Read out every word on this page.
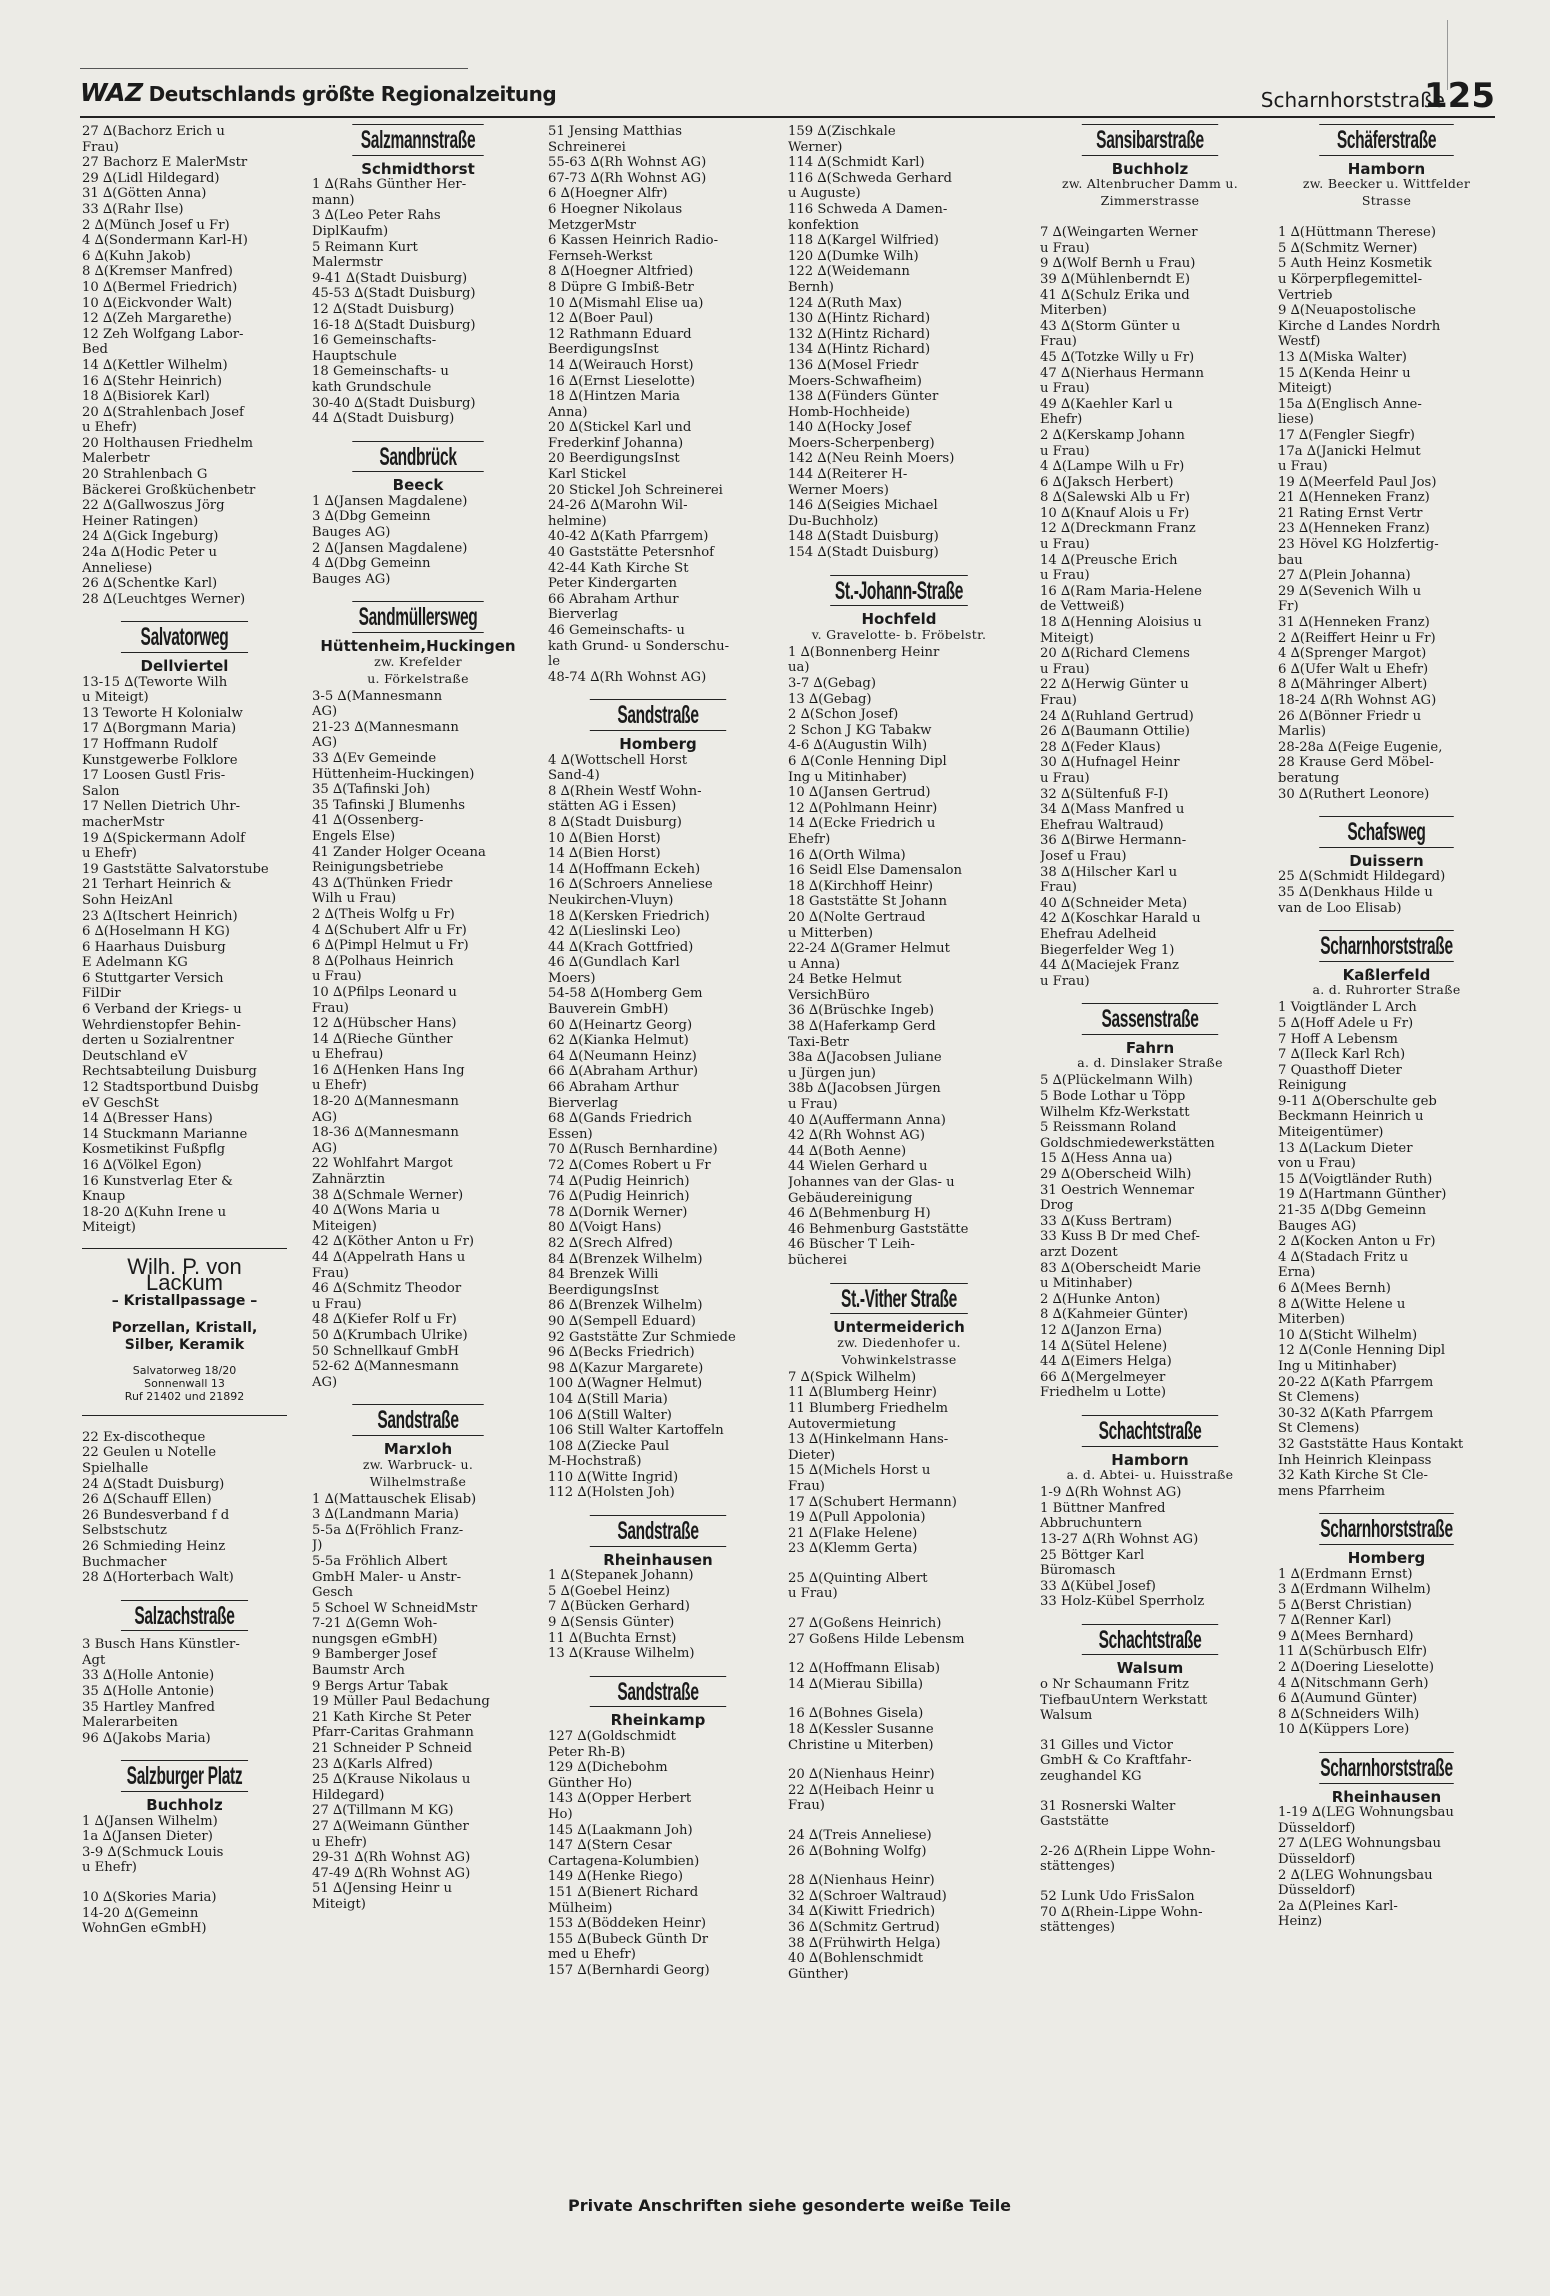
WAZ Deutschlands größte Regionalzeitung	Scharnhorststraße
125
27 ∆(Bachorz Erich u
Frau)
27 Bachorz E MalerMstr
29 ∆(Lidl Hildegard)
31 ∆(Götten Anna)
33 ∆(Rahr Ilse)
2 ∆(Münch Josef u Fr)
4 ∆(Sondermann Karl-H)
6 ∆(Kuhn Jakob)
8 ∆(Kremser Manfred)
10 ∆(Bermel Friedrich)
10 ∆(Eickvonder Walt)
12 ∆(Zeh Margarethe)
12 Zeh Wolfgang Labor-
Bed
14 ∆(Kettler Wilhelm)
16 ∆(Stehr Heinrich)
18 ∆(Bisiorek Karl)
20 ∆(Strahlenbach Josef
u Ehefr)
20 Holthausen Friedhelm
Malerbetr
20 Strahlenbach G
Bäckerei Großküchenbetr
22 ∆(Gallwoszus Jörg
Heiner Ratingen)
24 ∆(Gick Ingeburg)
24a ∆(Hodic Peter u
Anneliese)
26 ∆(Schentke Karl)
28 ∆(Leuchtges Werner)
Salvatorweg
Dellviertel
13-15 ∆(Teworte Wilh
u Miteigt)
13 Teworte H Kolonialw
17 ∆(Borgmann Maria)
17 Hoffmann Rudolf
Kunstgewerbe Folklore
17 Loosen Gustl Fris-
Salon
17 Nellen Dietrich Uhr-
macherMstr
19 ∆(Spickermann Adolf
u Ehefr)
19 Gaststätte Salvatorstube
21 Terhart Heinrich &
Sohn HeizAnl
23 ∆(Itschert Heinrich)
6 ∆(Hoselmann H KG)
6 Haarhaus Duisburg
E Adelmann KG
6 Stuttgarter Versich
FilDir
6 Verband der Kriegs- u
Wehrdienstopfer Behin-
derten u Sozialrentner
Deutschland eV
Rechtsabteilung Duisburg
12 Stadtsportbund Duisbg
eV GeschSt
14 ∆(Bresser Hans)
14 Stuckmann Marianne
Kosmetikinst Fußpflg
16 ∆(Völkel Egon)
16 Kunstverlag Eter &
Knaup
18-20 ∆(Kuhn Irene u
Miteigt)
Wilh. P. von Lackum
– Kristallpassage –
Porzellan, Kristall, Silber, Keramik
Salvatorweg 18/20
Sonnenwall 13
Ruf 21402 und 21892
22 Ex-discotheque
22 Geulen u Notelle
Spielhalle
24 ∆(Stadt Duisburg)
26 ∆(Schauff Ellen)
26 Bundesverband f d
Selbstschutz
26 Schmieding Heinz
Buchmacher
28 ∆(Horterbach Walt)
Salzachstraße
3 Busch Hans Künstler-
Agt
33 ∆(Holle Antonie)
35 ∆(Holle Antonie)
35 Hartley Manfred
Malerarbeiten
96 ∆(Jakobs Maria)
Salzburger Platz
Buchholz
1 ∆(Jansen Wilhelm)
1a ∆(Jansen Dieter)
3-9 ∆(Schmuck Louis
u Ehefr)
10 ∆(Skories Maria)
14-20 ∆(Gemeinn
WohnGen eGmbH)
Salzmannstraße
Schmidthorst
1 ∆(Rahs Günther Her-
mann)
3 ∆(Leo Peter Rahs
DiplKaufm)
5 Reimann Kurt
Malermstr
9-41 ∆(Stadt Duisburg)
45-53 ∆(Stadt Duisburg)
12 ∆(Stadt Duisburg)
16-18 ∆(Stadt Duisburg)
16 Gemeinschafts-
Hauptschule
18 Gemeinschafts- u
kath Grundschule
30-40 ∆(Stadt Duisburg)
44 ∆(Stadt Duisburg)
Sandbrück
Beeck
1 ∆(Jansen Magdalene)
3 ∆(Dbg Gemeinn
Bauges AG)
2 ∆(Jansen Magdalene)
4 ∆(Dbg Gemeinn
Bauges AG)
Sandmüllersweg
Hüttenheim,Huckingen
zw. Krefelder
u. Förkelstraße
3-5 ∆(Mannesmann
AG)
21-23 ∆(Mannesmann
AG)
33 ∆(Ev Gemeinde
Hüttenheim-Huckingen)
35 ∆(Tafinski Joh)
35 Tafinski J Blumenhs
41 ∆(Ossenberg-
Engels Else)
41 Zander Holger Oceana
Reinigungsbetriebe
43 ∆(Thünken Friedr
Wilh u Frau)
2 ∆(Theis Wolfg u Fr)
4 ∆(Schubert Alfr u Fr)
6 ∆(Pimpl Helmut u Fr)
8 ∆(Polhaus Heinrich
u Frau)
10 ∆(Pfilps Leonard u
Frau)
12 ∆(Hübscher Hans)
14 ∆(Rieche Günther
u Ehefrau)
16 ∆(Henken Hans Ing
u Ehefr)
18-20 ∆(Mannesmann
AG)
18-36 ∆(Mannesmann
AG)
22 Wohlfahrt Margot
Zahnärztin
38 ∆(Schmale Werner)
40 ∆(Wons Maria u
Miteigen)
42 ∆(Köther Anton u Fr)
44 ∆(Appelrath Hans u
Frau)
46 ∆(Schmitz Theodor
u Frau)
48 ∆(Kiefer Rolf u Fr)
50 ∆(Krumbach Ulrike)
50 Schnellkauf GmbH
52-62 ∆(Mannesmann
AG)
Sandstraße
Marxloh
zw. Warbruck- u.
Wilhelmstraße
1 ∆(Mattauschek Elisab)
3 ∆(Landmann Maria)
5-5a ∆(Fröhlich Franz-
J)
5-5a Fröhlich Albert
GmbH Maler- u Anstr-
Gesch
5 Schoel W SchneidMstr
7-21 ∆(Gemn Woh-
nungsgen eGmbH)
9 Bamberger Josef
Baumstr Arch
9 Bergs Artur Tabak
19 Müller Paul Bedachung
21 Kath Kirche St Peter
Pfarr-Caritas Grahmann
21 Schneider P Schneid
23 ∆(Karls Alfred)
25 ∆(Krause Nikolaus u
Hildegard)
27 ∆(Tillmann M KG)
27 ∆(Weimann Günther
u Ehefr)
29-31 ∆(Rh Wohnst AG)
47-49 ∆(Rh Wohnst AG)
51 ∆(Jensing Heinr u
Miteigt)
51 Jensing Matthias
Schreinerei
55-63 ∆(Rh Wohnst AG)
67-73 ∆(Rh Wohnst AG)
6 ∆(Hoegner Alfr)
6 Hoegner Nikolaus
MetzgerMstr
6 Kassen Heinrich Radio-
Fernseh-Werkst
8 ∆(Hoegner Altfried)
8 Düpre G Imbiß-Betr
10 ∆(Mismahl Elise ua)
12 ∆(Boer Paul)
12 Rathmann Eduard
BeerdigungsInst
14 ∆(Weirauch Horst)
16 ∆(Ernst Lieselotte)
18 ∆(Hintzen Maria
Anna)
20 ∆(Stickel Karl und
Frederkinf Johanna)
20 BeerdigungsInst
Karl Stickel
20 Stickel Joh Schreinerei
24-26 ∆(Marohn Wil-
helmine)
40-42 ∆(Kath Pfarrgem)
40 Gaststätte Petersnhof
42-44 Kath Kirche St
Peter Kindergarten
66 Abraham Arthur
Bierverlag
46 Gemeinschafts- u
kath Grund- u Sonderschu-
le
48-74 ∆(Rh Wohnst AG)
Sandstraße
Homberg
4 ∆(Wottschell Horst
Sand-4)
8 ∆(Rhein Westf Wohn-
stätten AG i Essen)
8 ∆(Stadt Duisburg)
10 ∆(Bien Horst)
14 ∆(Bien Horst)
14 ∆(Hoffmann Eckeh)
16 ∆(Schroers Anneliese
Neukirchen-Vluyn)
18 ∆(Kersken Friedrich)
42 ∆(Lieslinski Leo)
44 ∆(Krach Gottfried)
46 ∆(Gundlach Karl
Moers)
54-58 ∆(Homberg Gem
Bauverein GmbH)
60 ∆(Heinartz Georg)
62 ∆(Kianka Helmut)
64 ∆(Neumann Heinz)
66 ∆(Abraham Arthur)
66 Abraham Arthur
Bierverlag
68 ∆(Gands Friedrich
Essen)
70 ∆(Rusch Bernhardine)
72 ∆(Comes Robert u Fr
74 ∆(Pudig Heinrich)
76 ∆(Pudig Heinrich)
78 ∆(Dornik Werner)
80 ∆(Voigt Hans)
82 ∆(Srech Alfred)
84 ∆(Brenzek Wilhelm)
84 Brenzek Willi
BeerdigungsInst
86 ∆(Brenzek Wilhelm)
90 ∆(Sempell Eduard)
92 Gaststätte Zur Schmiede
96 ∆(Becks Friedrich)
98 ∆(Kazur Margarete)
100 ∆(Wagner Helmut)
104 ∆(Still Maria)
106 ∆(Still Walter)
106 Still Walter Kartoffeln
108 ∆(Ziecke Paul
M-Hochstraß)
110 ∆(Witte Ingrid)
112 ∆(Holsten Joh)
Sandstraße
Rheinhausen
1 ∆(Stepanek Johann)
5 ∆(Goebel Heinz)
7 ∆(Bücken Gerhard)
9 ∆(Sensis Günter)
11 ∆(Buchta Ernst)
13 ∆(Krause Wilhelm)
Sandstraße
Rheinkamp
127 ∆(Goldschmidt
Peter Rh-B)
129 ∆(Dichebohm
Günther Ho)
143 ∆(Opper Herbert
Ho)
145 ∆(Laakmann Joh)
147 ∆(Stern Cesar
Cartagena-Kolumbien)
149 ∆(Henke Riego)
151 ∆(Bienert Richard
Mülheim)
153 ∆(Böddeken Heinr)
155 ∆(Bubeck Günth Dr
med u Ehefr)
157 ∆(Bernhardi Georg)
159 ∆(Zischkale
Werner)
114 ∆(Schmidt Karl)
116 ∆(Schweda Gerhard
u Auguste)
116 Schweda A Damen-
konfektion
118 ∆(Kargel Wilfried)
120 ∆(Dumke Wilh)
122 ∆(Weidemann
Bernh)
124 ∆(Ruth Max)
130 ∆(Hintz Richard)
132 ∆(Hintz Richard)
134 ∆(Hintz Richard)
136 ∆(Mosel Friedr
Moers-Schwafheim)
138 ∆(Fünders Günter
Homb-Hochheide)
140 ∆(Hocky Josef
Moers-Scherpenberg)
142 ∆(Neu Reinh Moers)
144 ∆(Reiterer H-
Werner Moers)
146 ∆(Seigies Michael
Du-Buchholz)
148 ∆(Stadt Duisburg)
154 ∆(Stadt Duisburg)
St.-Johann-Straße
Hochfeld
v. Gravelotte- b. Fröbelstr.
1 ∆(Bonnenberg Heinr
ua)
3-7 ∆(Gebag)
13 ∆(Gebag)
2 ∆(Schon Josef)
2 Schon J KG Tabakw
4-6 ∆(Augustin Wilh)
6 ∆(Conle Henning Dipl
Ing u Mitinhaber)
10 ∆(Jansen Gertrud)
12 ∆(Pohlmann Heinr)
14 ∆(Ecke Friedrich u
Ehefr)
16 ∆(Orth Wilma)
16 Seidl Else Damensalon
18 ∆(Kirchhoff Heinr)
18 Gaststätte St Johann
20 ∆(Nolte Gertraud
u Mitterben)
22-24 ∆(Gramer Helmut
u Anna)
24 Betke Helmut
VersichBüro
36 ∆(Brüschke Ingeb)
38 ∆(Haferkamp Gerd
Taxi-Betr
38a ∆(Jacobsen Juliane
u Jürgen jun)
38b ∆(Jacobsen Jürgen
u Frau)
40 ∆(Auffermann Anna)
42 ∆(Rh Wohnst AG)
44 ∆(Both Aenne)
44 Wielen Gerhard u
Johannes van der Glas- u
Gebäudereinigung
46 ∆(Behmenburg H)
46 Behmenburg Gaststätte
46 Büscher T Leih-
bücherei
St.-Vither Straße
Untermeiderich
zw. Diedenhofer u.
Vohwinkelstrasse
7 ∆(Spick Wilhelm)
11 ∆(Blumberg Heinr)
11 Blumberg Friedhelm
Autovermietung
13 ∆(Hinkelmann Hans-
Dieter)
15 ∆(Michels Horst u
Frau)
17 ∆(Schubert Hermann)
19 ∆(Pull Appolonia)
21 ∆(Flake Helene)
23 ∆(Klemm Gerta)
25 ∆(Quinting Albert
u Frau)
27 ∆(Goßens Heinrich)
27 Goßens Hilde Lebensm
12 ∆(Hoffmann Elisab)
14 ∆(Mierau Sibilla)
16 ∆(Bohnes Gisela)
18 ∆(Kessler Susanne
Christine u Miterben)
20 ∆(Nienhaus Heinr)
22 ∆(Heibach Heinr u
Frau)
24 ∆(Treis Anneliese)
26 ∆(Bohning Wolfg)
28 ∆(Nienhaus Heinr)
32 ∆(Schroer Waltraud)
34 ∆(Kiwitt Friedrich)
36 ∆(Schmitz Gertrud)
38 ∆(Frühwirth Helga)
40 ∆(Bohlenschmidt
Günther)
Sansibarstraße
Buchholz
zw. Altenbrucher Damm u.
Zimmerstrasse
7 ∆(Weingarten Werner
u Frau)
9 ∆(Wolf Bernh u Frau)
39 ∆(Mühlenberndt E)
41 ∆(Schulz Erika und
Miterben)
43 ∆(Storm Günter u
Frau)
45 ∆(Totzke Willy u Fr)
47 ∆(Nierhaus Hermann
u Frau)
49 ∆(Kaehler Karl u
Ehefr)
2 ∆(Kerskamp Johann
u Frau)
4 ∆(Lampe Wilh u Fr)
6 ∆(Jaksch Herbert)
8 ∆(Salewski Alb u Fr)
10 ∆(Knauf Alois u Fr)
12 ∆(Dreckmann Franz
u Frau)
14 ∆(Preusche Erich
u Frau)
16 ∆(Ram Maria-Helene
de Vettweiß)
18 ∆(Henning Aloisius u
Miteigt)
20 ∆(Richard Clemens
u Frau)
22 ∆(Herwig Günter u
Frau)
24 ∆(Ruhland Gertrud)
26 ∆(Baumann Ottilie)
28 ∆(Feder Klaus)
30 ∆(Hufnagel Heinr
u Frau)
32 ∆(Sültenfuß F-I)
34 ∆(Mass Manfred u
Ehefrau Waltraud)
36 ∆(Birwe Hermann-
Josef u Frau)
38 ∆(Hilscher Karl u
Frau)
40 ∆(Schneider Meta)
42 ∆(Koschkar Harald u
Ehefrau Adelheid
Biegerfelder Weg 1)
44 ∆(Maciejek Franz
u Frau)
Sassenstraße
Fahrn
a. d. Dinslaker Straße
5 ∆(Plückelmann Wilh)
5 Bode Lothar u Töpp
Wilhelm Kfz-Werkstatt
5 Reissmann Roland
Goldschmiedewerkstätten
15 ∆(Hess Anna ua)
29 ∆(Oberscheid Wilh)
31 Oestrich Wennemar
Drog
33 ∆(Kuss Bertram)
33 Kuss B Dr med Chef-
arzt Dozent
83 ∆(Oberscheidt Marie
u Mitinhaber)
2 ∆(Hunke Anton)
8 ∆(Kahmeier Günter)
12 ∆(Janzon Erna)
14 ∆(Sütel Helene)
44 ∆(Eimers Helga)
66 ∆(Mergelmeyer
Friedhelm u Lotte)
Schachtstraße
Hamborn
a. d. Abtei- u. Huisstraße
1-9 ∆(Rh Wohnst AG)
1 Büttner Manfred
Abbruchuntern
13-27 ∆(Rh Wohnst AG)
25 Böttger Karl
Büromasch
33 ∆(Kübel Josef)
33 Holz-Kübel Sperrholz
Schachtstraße
Walsum
o Nr Schaumann Fritz
TiefbauUntern Werkstatt
Walsum
31 Gilles und Victor
GmbH & Co Kraftfahr-
zeughandel KG
31 Rosnerski Walter
Gaststätte
2-26 ∆(Rhein Lippe Wohn-
stättenges)
52 Lunk Udo FrisSalon
70 ∆(Rhein-Lippe Wohn-
stättenges)
Schäferstraße
Hamborn
zw. Beecker u. Wittfelder
Strasse
1 ∆(Hüttmann Therese)
5 ∆(Schmitz Werner)
5 Auth Heinz Kosmetik
u Körperpflegemittel-
Vertrieb
9 ∆(Neuapostolische
Kirche d Landes Nordrh
Westf)
13 ∆(Miska Walter)
15 ∆(Kenda Heinr u
Miteigt)
15a ∆(Englisch Anne-
liese)
17 ∆(Fengler Siegfr)
17a ∆(Janicki Helmut
u Frau)
19 ∆(Meerfeld Paul Jos)
21 ∆(Henneken Franz)
21 Rating Ernst Vertr
23 ∆(Henneken Franz)
23 Hövel KG Holzfertig-
bau
27 ∆(Plein Johanna)
29 ∆(Sevenich Wilh u
Fr)
31 ∆(Henneken Franz)
2 ∆(Reiffert Heinr u Fr)
4 ∆(Sprenger Margot)
6 ∆(Ufer Walt u Ehefr)
8 ∆(Mähringer Albert)
18-24 ∆(Rh Wohnst AG)
26 ∆(Bönner Friedr u
Marlis)
28-28a ∆(Feige Eugenie,
28 Krause Gerd Möbel-
beratung
30 ∆(Ruthert Leonore)
Schafsweg
Duissern
25 ∆(Schmidt Hildegard)
35 ∆(Denkhaus Hilde u
van de Loo Elisab)
Scharnhorststraße
Kaßlerfeld
a. d. Ruhrorter Straße
1 Voigtländer L Arch
5 ∆(Hoff Adele u Fr)
7 Hoff A Lebensm
7 ∆(Ileck Karl Rch)
7 Quasthoff Dieter
Reinigung
9-11 ∆(Oberschulte geb
Beckmann Heinrich u
Miteigentümer)
13 ∆(Lackum Dieter
von u Frau)
15 ∆(Voigtländer Ruth)
19 ∆(Hartmann Günther)
21-35 ∆(Dbg Gemeinn
Bauges AG)
2 ∆(Kocken Anton u Fr)
4 ∆(Stadach Fritz u
Erna)
6 ∆(Mees Bernh)
8 ∆(Witte Helene u
Miterben)
10 ∆(Sticht Wilhelm)
12 ∆(Conle Henning Dipl
Ing u Mitinhaber)
20-22 ∆(Kath Pfarrgem
St Clemens)
30-32 ∆(Kath Pfarrgem
St Clemens)
32 Gaststätte Haus Kontakt
Inh Heinrich Kleinpass
32 Kath Kirche St Cle-
mens Pfarrheim
Scharnhorststraße
Homberg
1 ∆(Erdmann Ernst)
3 ∆(Erdmann Wilhelm)
5 ∆(Berst Christian)
7 ∆(Renner Karl)
9 ∆(Mees Bernhard)
11 ∆(Schürbusch Elfr)
2 ∆(Doering Lieselotte)
4 ∆(Nitschmann Gerh)
6 ∆(Aumund Günter)
8 ∆(Schneiders Wilh)
10 ∆(Küppers Lore)
Scharnhorststraße
Rheinhausen
1-19 ∆(LEG Wohnungsbau
Düsseldorf)
27 ∆(LEG Wohnungsbau
Düsseldorf)
2 ∆(LEG Wohnungsbau
Düsseldorf)
2a ∆(Pleines Karl-
Heinz)
Private Anschriften siehe gesonderte weiße Teile
